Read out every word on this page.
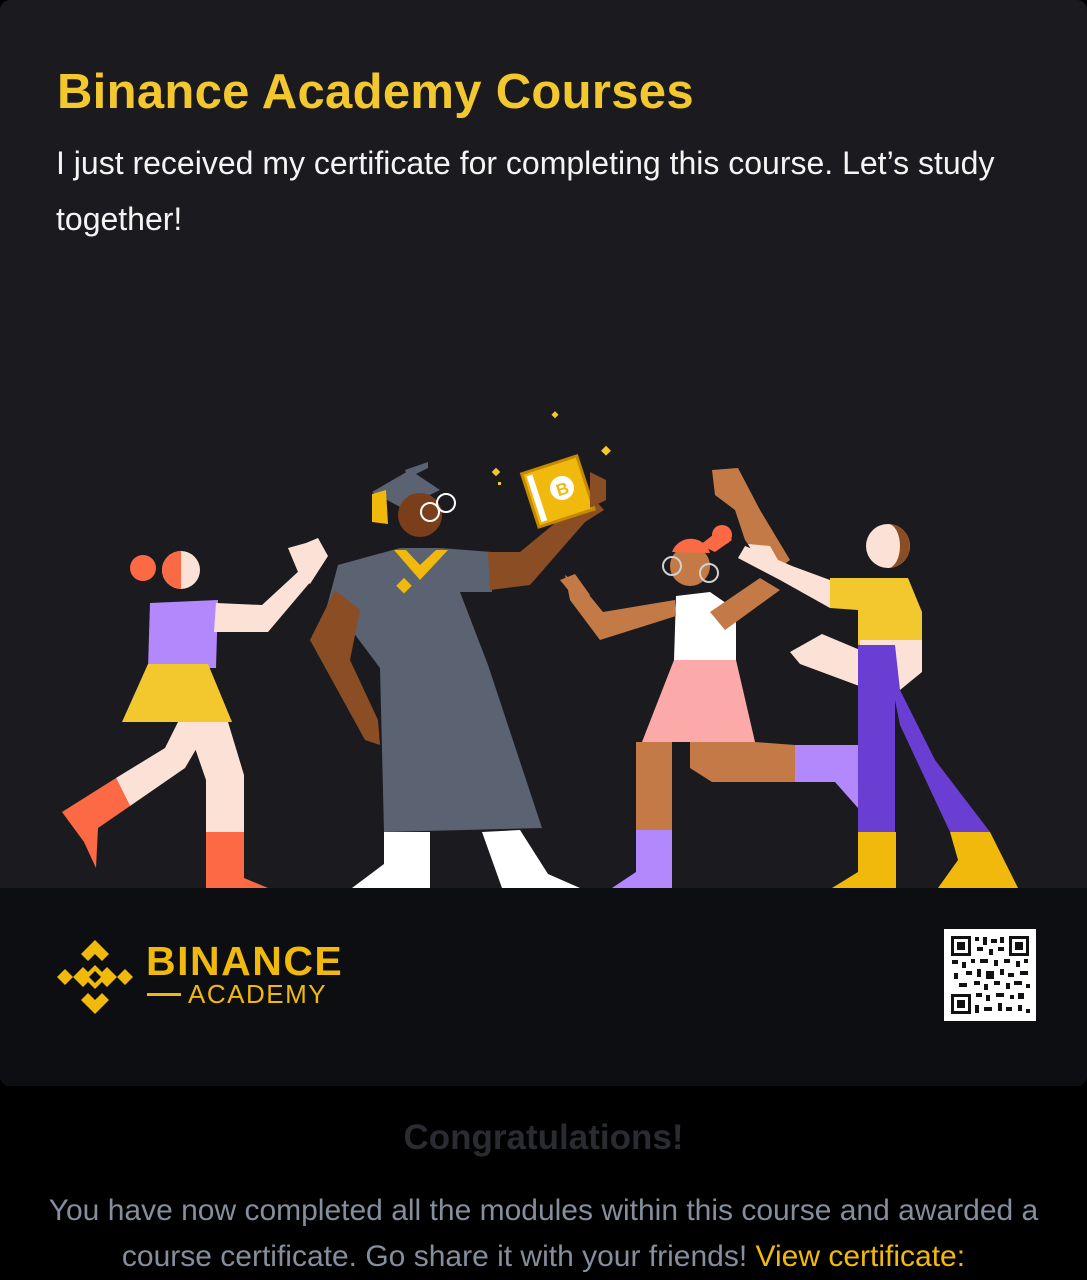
Binance Academy Courses

I just received my certificate for completing this course. Let’s study together!

B
BINANCE
ACADEMY
Congratulations!

You have now completed all the modules within this course and awarded a course certificate. Go share it with your friends! View certificate:
